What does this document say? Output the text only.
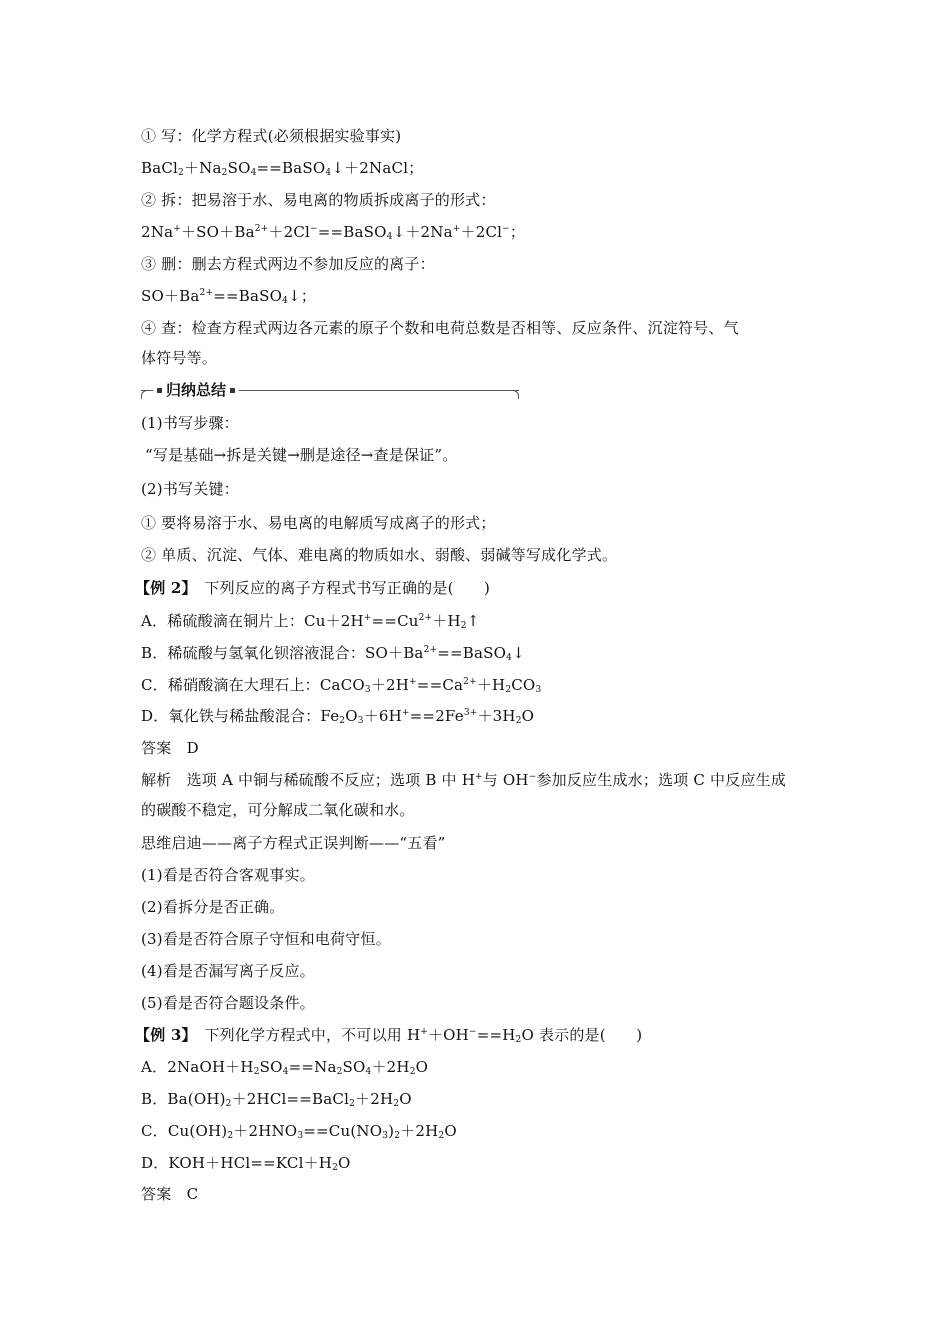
① 写：化学方程式(必须根据实验事实)
$BaCl_2+Na_2SO_4==BaSO_4↓+2NaCl$；
② 拆：把易溶于水、易电离的物质拆成离子的形式：
$2Na^++SO+Ba^{2+}+2Cl^-==BaSO_4↓+2Na^++2Cl^-$；
③ 删：删去方程式两边不参加反应的离子：
$SO+Ba^{2+}==BaSO_4↓$；
④ 查：检查方程式两边各元素的原子个数和电荷总数是否相等、反应条件、沉淀符号、气
体符号等。
归纳总结
(1)书写步骤：
“写是基础→拆是关键→删是途径→查是保证”。
(2)书写关键：
① 要将易溶于水、易电离的电解质写成离子的形式；
② 单质、沉淀、气体、难电离的物质如水、弱酸、弱碱等写成化学式。
【例 2】　 下列反应的离子方程式书写正确的是(　　)
A．稀硫酸滴在铜片上：$Cu+2H^+==Cu^{2+}+H_2↑$
B．稀硫酸与氢氧化钡溶液混合：$SO+Ba^{2+}==BaSO_4↓$
C．稀硝酸滴在大理石上：$CaCO_3+2H^+==Ca^{2+}+H_2CO_3$
D．氧化铁与稀盐酸混合：$Fe_2O_3+6H^+==2Fe^{3+}+3H_2O$
答案　D
解析　选项 A 中铜与稀硫酸不反应；选项 B 中 H+与 OH−参加反应生成水；选项 C 中反应生成
的碳酸不稳定，可分解成二氧化碳和水。
思维启迪——离子方程式正误判断——“五看”
(1)看是否符合客观事实。
(2)看拆分是否正确。
(3)看是否符合原子守恒和电荷守恒。
(4)看是否漏写离子反应。
(5)看是否符合题设条件。
【例 3】　 下列化学方程式中，不可以用 $H^++OH^-==H_2O$ 表示的是(　　)
A．$2NaOH+H_2SO_4==Na_2SO_4+2H_2O$
B．$Ba(OH)_2+2HCl==BaCl_2+2H_2O$
C．$Cu(OH)_2+2HNO_3==Cu(NO_3)_2+2H_2O$
D．$KOH+HCl==KCl+H_2O$
答案　C
